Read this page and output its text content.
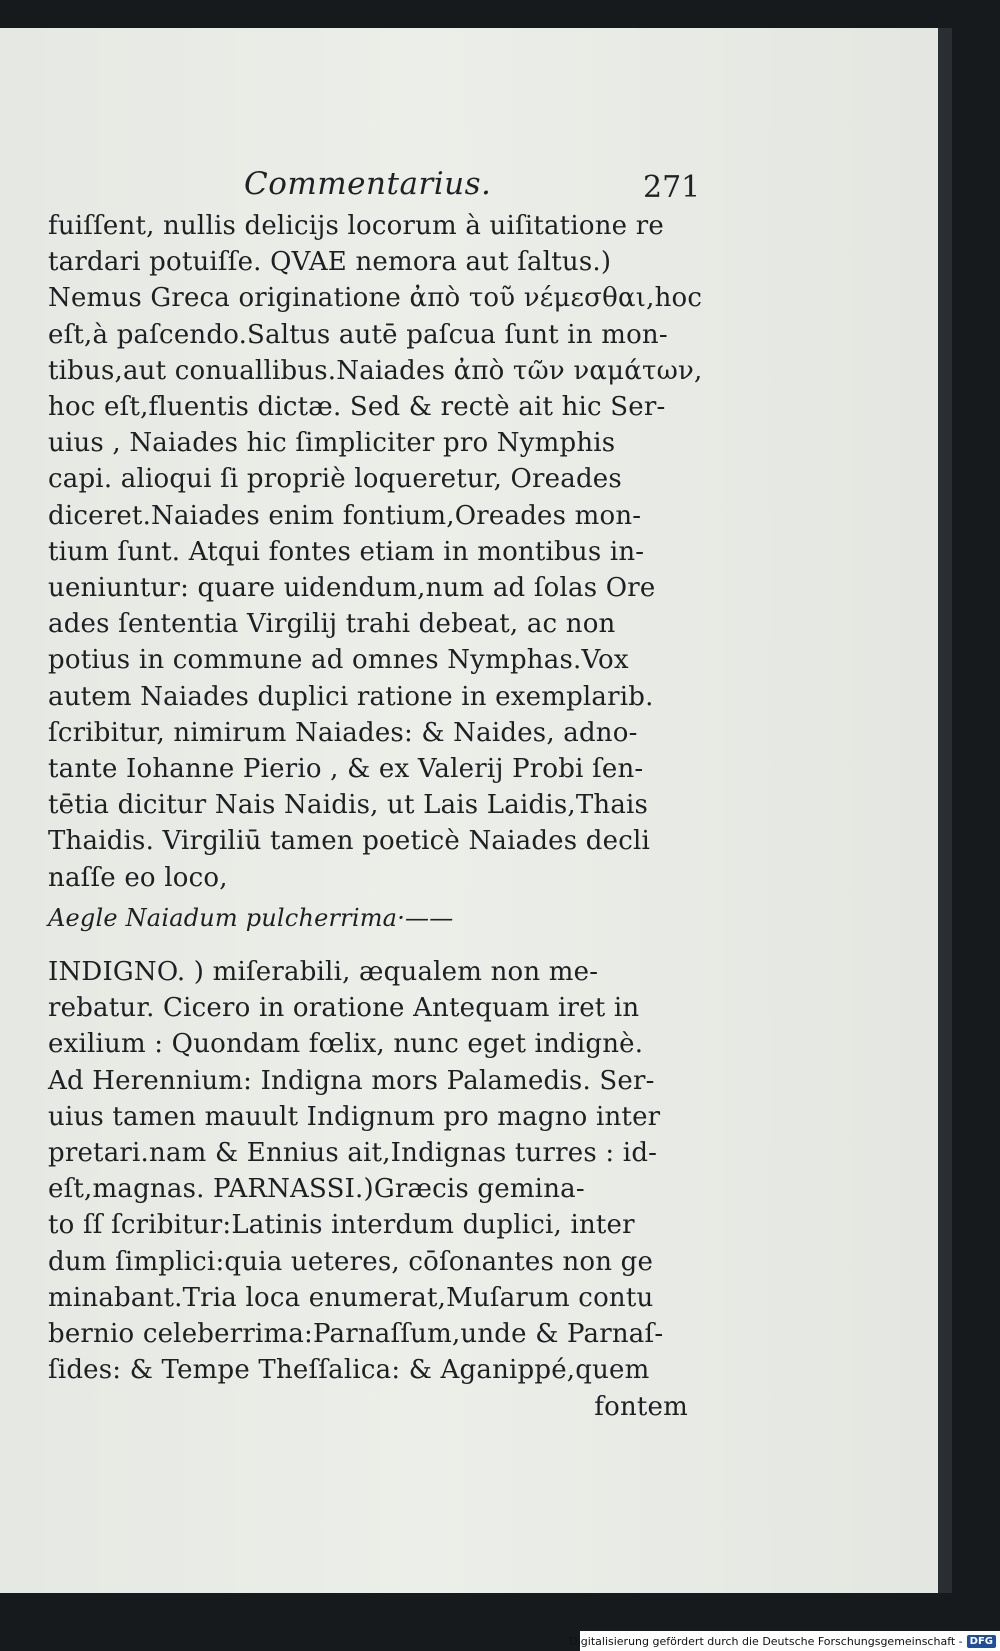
Commentarius.	271
fuiſſent, nullis delicijs locorum à uiſitatione re
tardari potuiſſe. QVAE nemora aut ſaltus.)
Nemus Greca originatione ἀπὸ τοῦ νέμεσθαι,hoc
eſt,à paſcendo.Saltus autē paſcua ſunt in mon-
tibus,aut conuallibus.Naiades ἀπὸ τῶν ναμάτων,
hoc eſt,fluentis dictæ. Sed & rectè ait hic Ser-
uius , Naiades hic ſimpliciter pro Nymphis
capi. alioqui ſi propriè loqueretur, Oreades
diceret.Naiades enim fontium,Oreades mon-
tium ſunt. Atqui fontes etiam in montibus in-
ueniuntur: quare uidendum,num ad ſolas Ore
ades ſententia Virgilij trahi debeat, ac non
potius in commune ad omnes Nymphas.Vox
autem Naiades duplici ratione in exemplarib.
ſcribitur, nimirum Naiades: & Naides, adno-
tante Iohanne Pierio , & ex Valerij Probi ſen-
tētia dicitur Nais Naidis, ut Lais Laidis,Thais
Thaidis. Virgiliū tamen poeticè Naiades decli
naſſe eo loco,
Aegle Naiadum pulcherrima·——
INDIGNO. ) miſerabili, æqualem non me-
rebatur. Cicero in oratione Antequam iret in
exilium : Quondam fœlix, nunc eget indignè.
Ad Herennium: Indigna mors Palamedis. Ser-
uius tamen mauult Indignum pro magno inter
pretari.nam & Ennius ait,Indignas turres : id-
eſt,magnas. PARNASSI.)Græcis gemina-
to ſſ ſcribitur:Latinis interdum duplici, inter
dum ſimplici:quia ueteres, cōſonantes non ge
minabant.Tria loca enumerat,Muſarum contu
bernio celeberrima:Parnaſſum,unde & Parnaſ-
ſides: & Tempe Theſſalica: & Aganippé,quem
fontem
Digitalisierung gefördert durch die Deutsche Forschungsgemeinschaft - DFG
